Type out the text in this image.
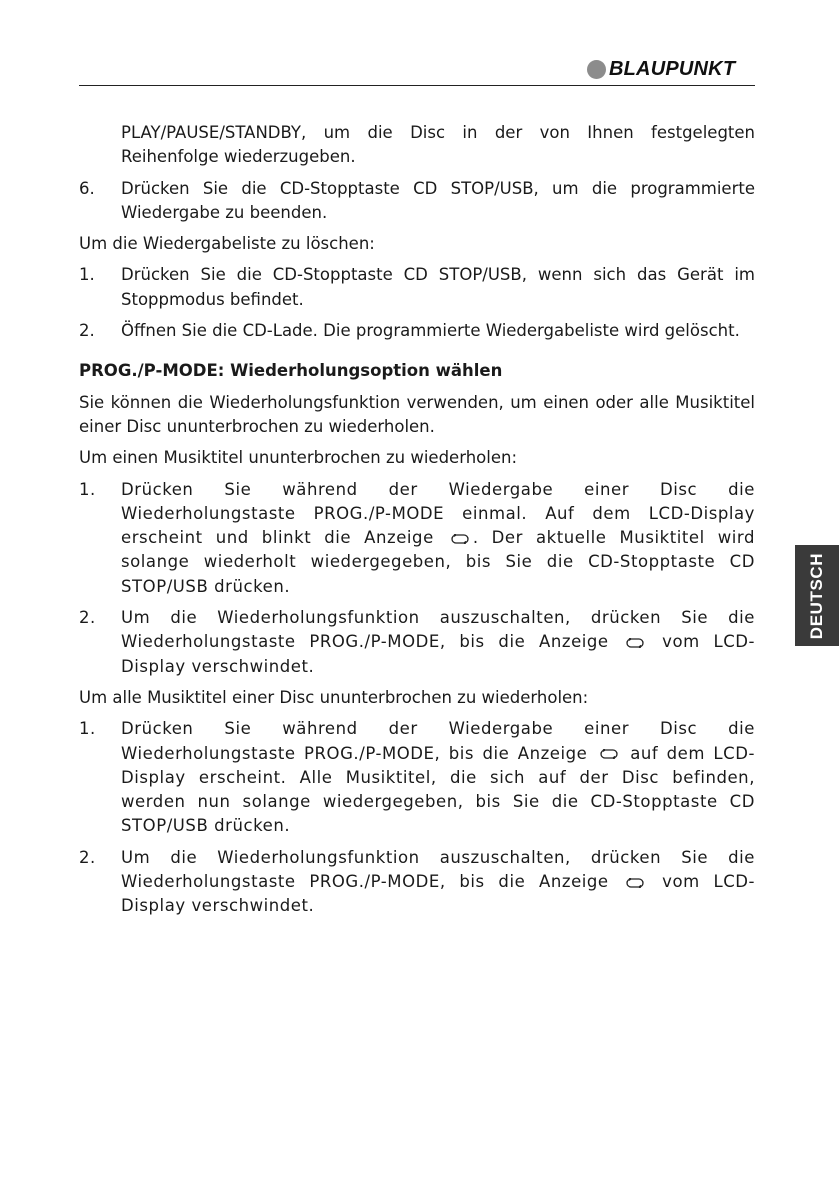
BLAUPUNKT
PLAY/PAUSE/STANDBY, um die Disc in der von Ihnen festgelegten Reihenfolge wiederzugeben.
6.	Drücken Sie die CD-Stopptaste CD STOP/USB, um die programmierte Wiedergabe zu beenden.

Um die Wiedergabeliste zu löschen:

1.	Drücken Sie die CD-Stopptaste CD STOP/USB, wenn sich das Gerät im Stoppmodus befindet.
2.	Öffnen Sie die CD-Lade. Die programmierte Wiedergabeliste wird gelöscht.

PROG./P-MODE: Wiederholungsoption wählen

Sie können die Wiederholungsfunktion verwenden, um einen oder alle Musiktitel einer Disc ununterbrochen zu wiederholen.

Um einen Musiktitel ununterbrochen zu wiederholen:

1.	Drücken Sie während der Wiedergabe einer Disc die Wiederholungstaste PROG./P-MODE einmal. Auf dem LCD-Display erscheint und blinkt die Anzeige . Der aktuelle Musiktitel wird solange wiederholt wiedergegeben, bis Sie die CD-Stopptaste CD STOP/USB drücken.
2.	Um die Wiederholungsfunktion auszuschalten, drücken Sie die Wiederholungstaste PROG./P-MODE, bis die Anzeige	vom LCD-Display verschwindet.

Um alle Musiktitel einer Disc ununterbrochen zu wiederholen:

1.	Drücken Sie während der Wiedergabe einer Disc die Wiederholungstaste PROG./P-MODE, bis die Anzeige	auf dem LCD-Display erscheint. Alle Musiktitel, die sich auf der Disc befinden, werden nun solange wiedergegeben, bis Sie die CD-Stopptaste CD STOP/USB drücken.
2.	Um die Wiederholungsfunktion auszuschalten, drücken Sie die Wiederholungstaste PROG./P-MODE, bis die Anzeige	vom LCD-Display verschwindet.
DEUTSCH
